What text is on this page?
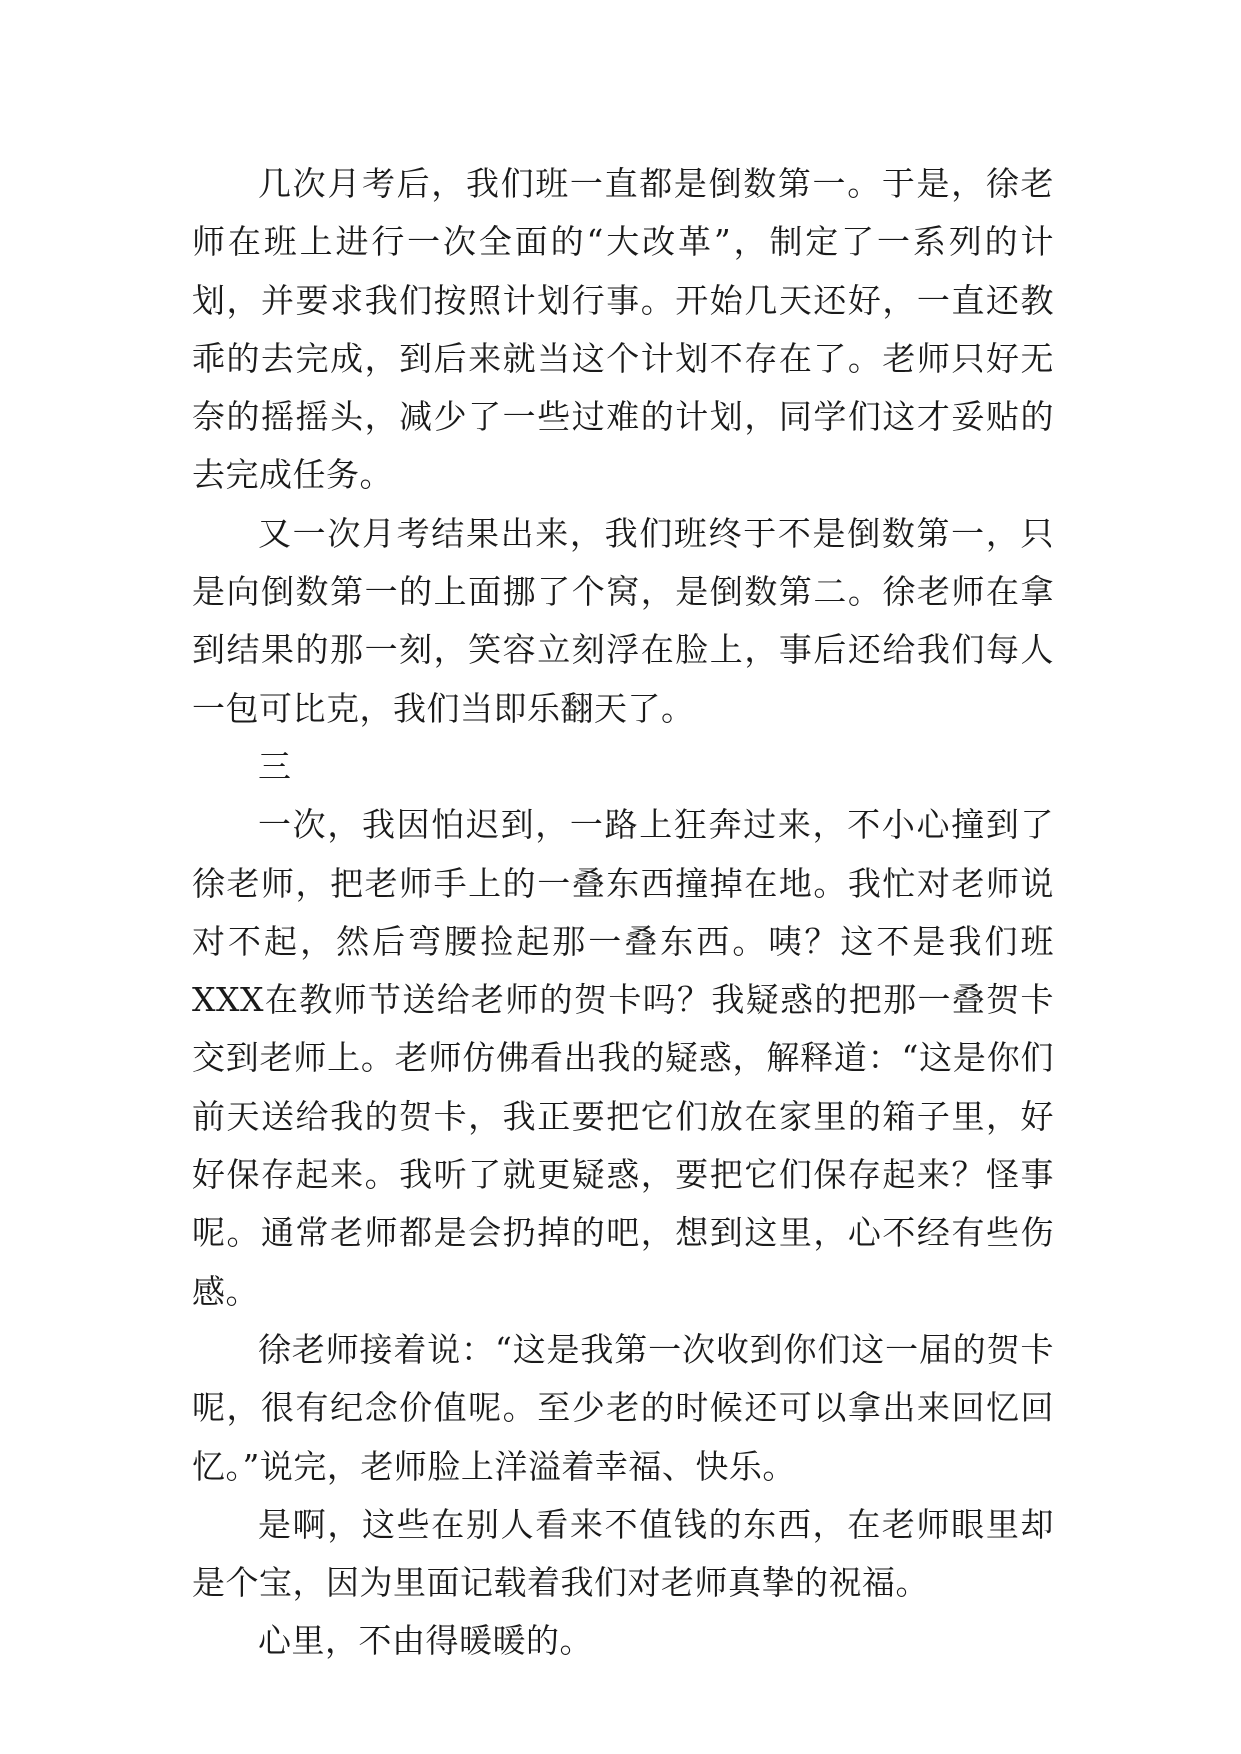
几次月考后，我们班一直都是倒数第一。于是，徐老师在班上进行一次全面的“大改革”，制定了一系列的计划，并要求我们按照计划行事。开始几天还好，一直还教乖的去完成，到后来就当这个计划不存在了。老师只好无奈的摇摇头，减少了一些过难的计划，同学们这才妥贴的去完成任务。

又一次月考结果出来，我们班终于不是倒数第一，只是向倒数第一的上面挪了个窝，是倒数第二。徐老师在拿到结果的那一刻，笑容立刻浮在脸上，事后还给我们每人一包可比克，我们当即乐翻天了。

三

一次，我因怕迟到，一路上狂奔过来，不小心撞到了徐老师，把老师手上的一叠东西撞掉在地。我忙对老师说对不起，然后弯腰捡起那一叠东西。咦？这不是我们班XXX在教师节送给老师的贺卡吗？我疑惑的把那一叠贺卡交到老师上。老师仿佛看出我的疑惑，解释道：“这是你们前天送给我的贺卡，我正要把它们放在家里的箱子里，好好保存起来。我听了就更疑惑，要把它们保存起来？怪事呢。通常老师都是会扔掉的吧，想到这里，心不经有些伤感。

徐老师接着说：“这是我第一次收到你们这一届的贺卡呢，很有纪念价值呢。至少老的时候还可以拿出来回忆回忆。”说完，老师脸上洋溢着幸福、快乐。

是啊，这些在别人看来不值钱的东西，在老师眼里却是个宝，因为里面记载着我们对老师真挚的祝福。

心里，不由得暖暖的。
